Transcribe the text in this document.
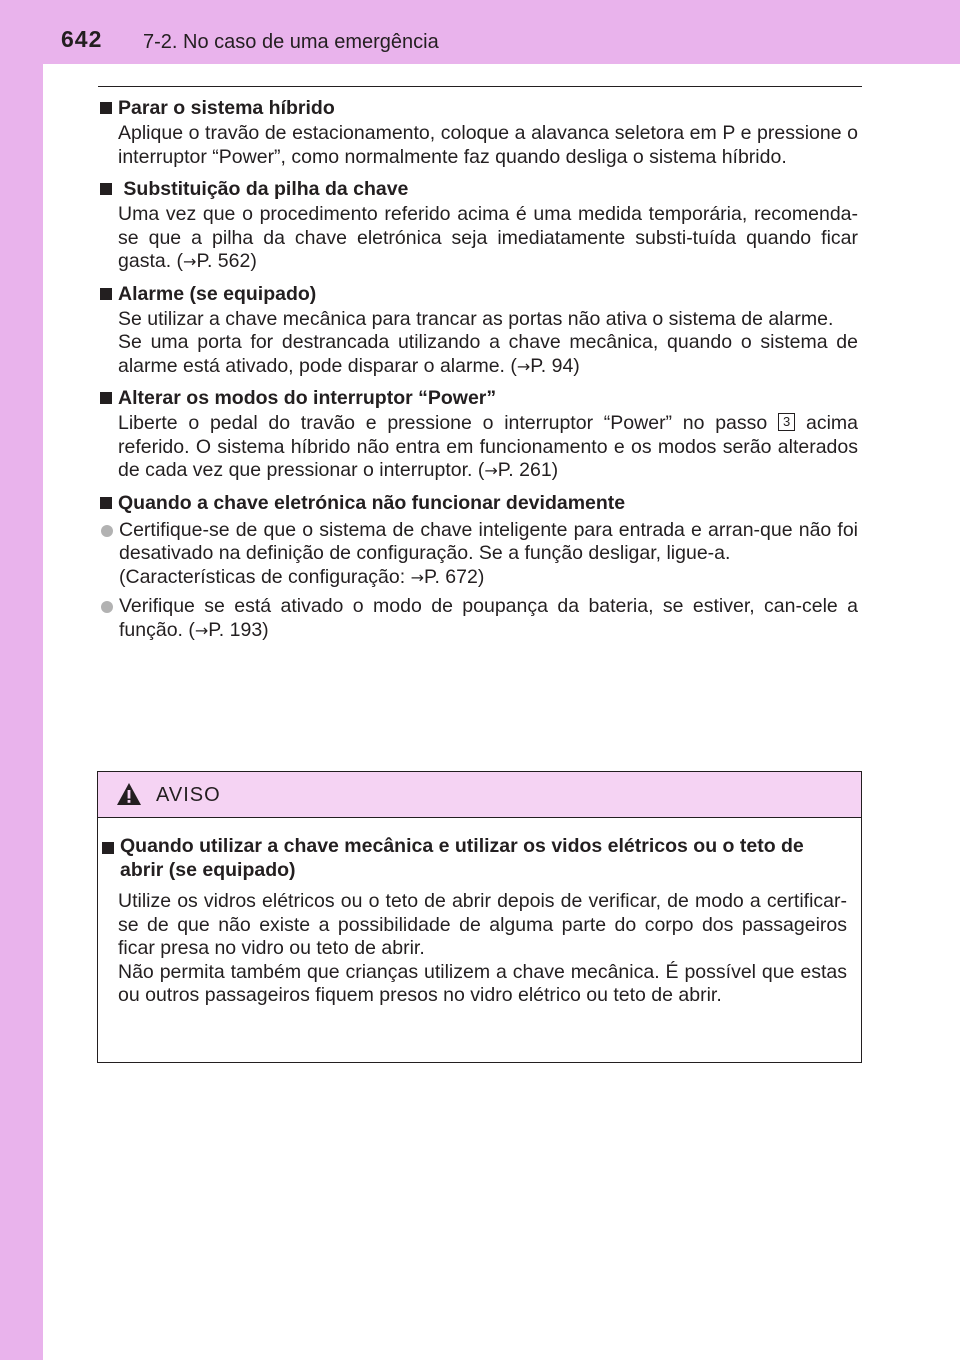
642 7-2. No caso de uma emergência
Parar o sistema híbrido

Aplique o travão de estacionamento, coloque a alavanca seletora em P e pressione o interruptor “Power”, como normalmente faz quando desliga o sistema híbrido.

Substituição da pilha da chave

Uma vez que o procedimento referido acima é uma medida temporária, recomenda-se que a pilha da chave eletrónica seja imediatamente substi-tuída quando ficar gasta. (→P. 562)

Alarme (se equipado)

Se utilizar a chave mecânica para trancar as portas não ativa o sistema de alarme.

Se uma porta for destrancada utilizando a chave mecânica, quando o sistema de alarme está ativado, pode disparar o alarme. (→P. 94)

Alterar os modos do interruptor “Power”

Liberte o pedal do travão e pressione o interruptor “Power” no passo 3 acima referido. O sistema híbrido não entra em funcionamento e os modos serão alterados de cada vez que pressionar o interruptor. (→P. 261)

Quando a chave eletrónica não funcionar devidamente
Certifique-se de que o sistema de chave inteligente para entrada e arran-que não foi desativado na definição de configuração. Se a função desligar, ligue-a.
(Características de configuração: →P. 672)
Verifique se está ativado o modo de poupança da bateria, se estiver, can-cele a função. (→P. 193)
AVISO
Quando utilizar a chave mecânica e utilizar os vidos elétricos ou o teto de abrir (se equipado)

Utilize os vidros elétricos ou o teto de abrir depois de verificar, de modo a certificar-se de que não existe a possibilidade de alguma parte do corpo dos passageiros ficar presa no vidro ou teto de abrir.

Não permita também que crianças utilizem a chave mecânica. É possível que estas ou outros passageiros fiquem presos no vidro elétrico ou teto de abrir.
